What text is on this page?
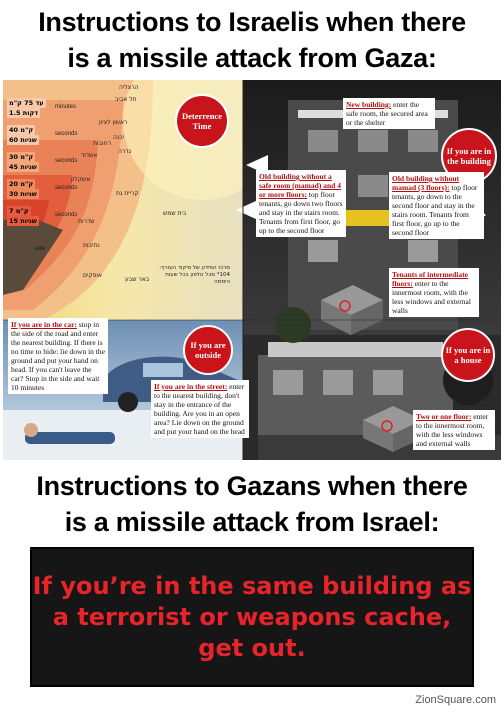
Instructions to Israelis when there
is a missile attack from Gaza:
עד 75 ק"מ
1.5 דקות
minutes
ק"מ 40
60 שניות
seconds
ק"מ 30
45 שניות
seconds
ק"מ 20
30 שניות
seconds
ק"מ 7
15 שניות
seconds
הרצליה
תל אביב
ראשון לציון
רחובות
יבנה
אשדוד
גדרה
קריית גת
אשקלון
שדרות
נתיבות
עזה
אופקים
באר שבע
בית שמש
מרכז המידע של פיקוד העורף: 104* מכל טלפון בכל שעות היממה
Deterrence Time
If you are in the building
If you are outside	If you are in a house
New building: enter the safe room, the secured area or the shelter
Old building without a safe room (mamad) and 4 or more floors: top floor tenants, go down two floors and stay in the stairs room. Tenants from first floor, go up to the second floor
Old building without mamad (3 floors): top floor tenants, go down to the second floor and stay in the stairs room. Tenants from first floor, go up to the second floor
Tenants of intermediate floors: enter to the innermost room, with the less windows and external walls
If you are in the car: stop in the side of the road and enter the nearest building. If there is no time to hide: lie down in the ground and put your hand on head. If you can't leave the car? Stop in the side and wait 10 minutes	If you are in the street: enter to the nearest building, don't stay in the entrance of the building. Are you in an open area? Lie down on the ground and put your hand on the head
Two or one floor: enter to the innermost room, with the less windows and external walls
Instructions to Gazans when there
is a missile attack from Israel:
If you’re in the same building as a terrorist or weapons cache, get out.
ZionSquare.com
